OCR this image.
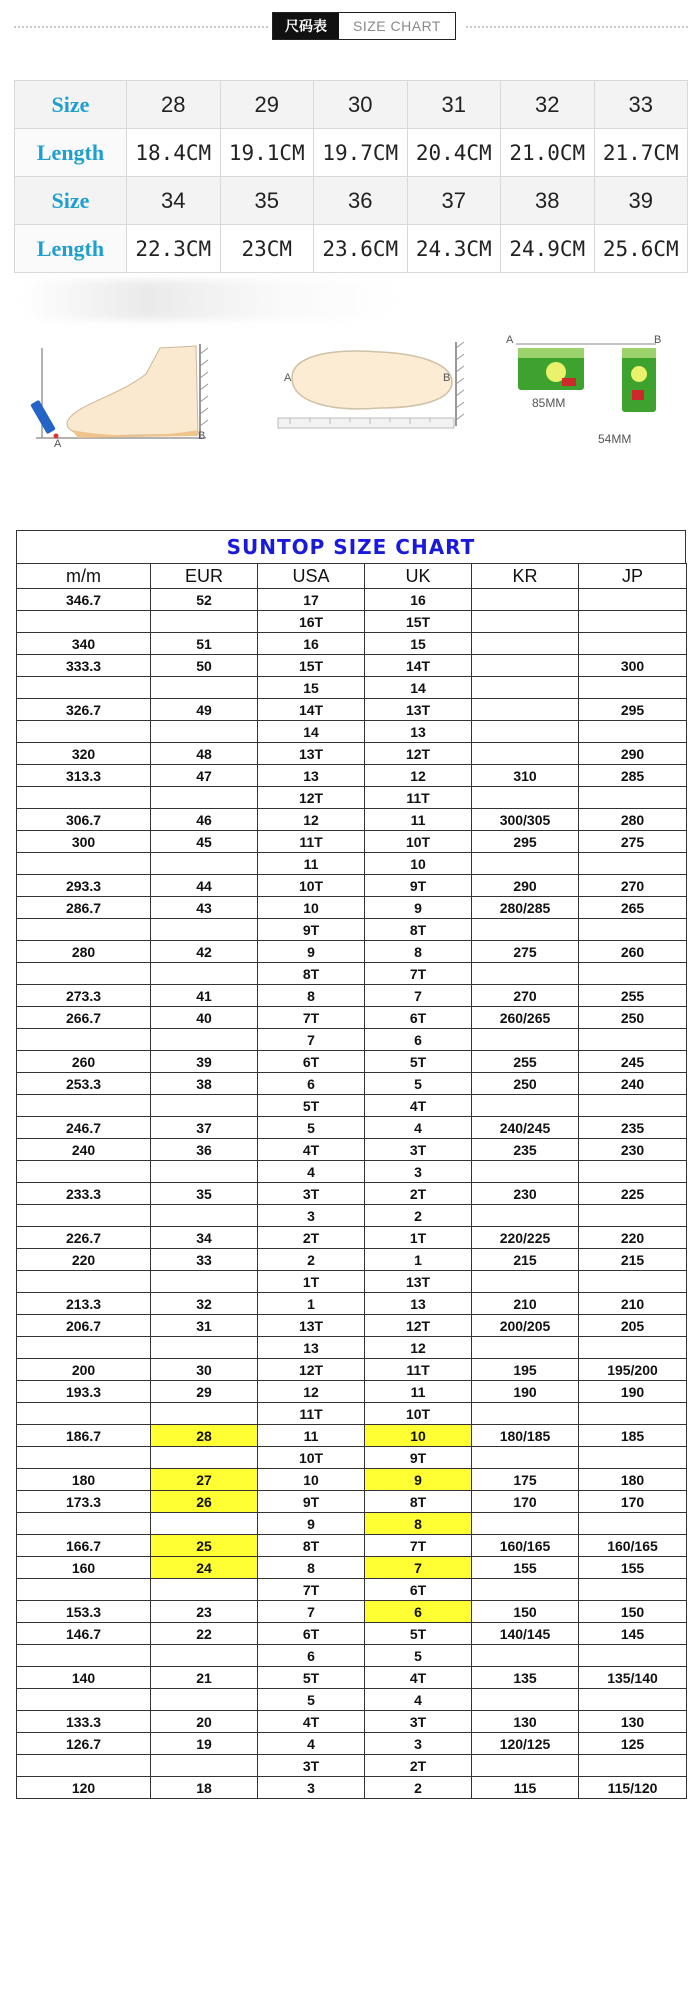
尺码表	SIZE CHART
Size	28	29	30	31	32	33
Length	18.4CM	19.1CM	19.7CM	20.4CM	21.0CM	21.7CM
Size	34	35	36	37	38	39
Length	22.3CM	23CM	23.6CM	24.3CM	24.9CM	25.6CM
A
B
A	B
A	B
85MM
54MM
SUNTOP SIZE CHART
m/m	EUR	USA	UK	KR	JP
346.7	52	17	16		
		16T	15T		
340	51	16	15		
333.3	50	15T	14T		300
		15	14		
326.7	49	14T	13T		295
		14	13		
320	48	13T	12T		290
313.3	47	13	12	310	285
		12T	11T		
306.7	46	12	11	300/305	280
300	45	11T	10T	295	275
		11	10		
293.3	44	10T	9T	290	270
286.7	43	10	9	280/285	265
		9T	8T		
280	42	9	8	275	260
		8T	7T		
273.3	41	8	7	270	255
266.7	40	7T	6T	260/265	250
		7	6		
260	39	6T	5T	255	245
253.3	38	6	5	250	240
		5T	4T		
246.7	37	5	4	240/245	235
240	36	4T	3T	235	230
		4	3		
233.3	35	3T	2T	230	225
		3	2		
226.7	34	2T	1T	220/225	220
220	33	2	1	215	215
		1T	13T		
213.3	32	1	13	210	210
206.7	31	13T	12T	200/205	205
		13	12		
200	30	12T	11T	195	195/200
193.3	29	12	11	190	190
		11T	10T		
186.7	28	11	10	180/185	185
		10T	9T		
180	27	10	9	175	180
173.3	26	9T	8T	170	170
		9	8		
166.7	25	8T	7T	160/165	160/165
160	24	8	7	155	155
		7T	6T		
153.3	23	7	6	150	150
146.7	22	6T	5T	140/145	145
		6	5		
140	21	5T	4T	135	135/140
		5	4		
133.3	20	4T	3T	130	130
126.7	19	4	3	120/125	125
		3T	2T		
120	18	3	2	115	115/120
